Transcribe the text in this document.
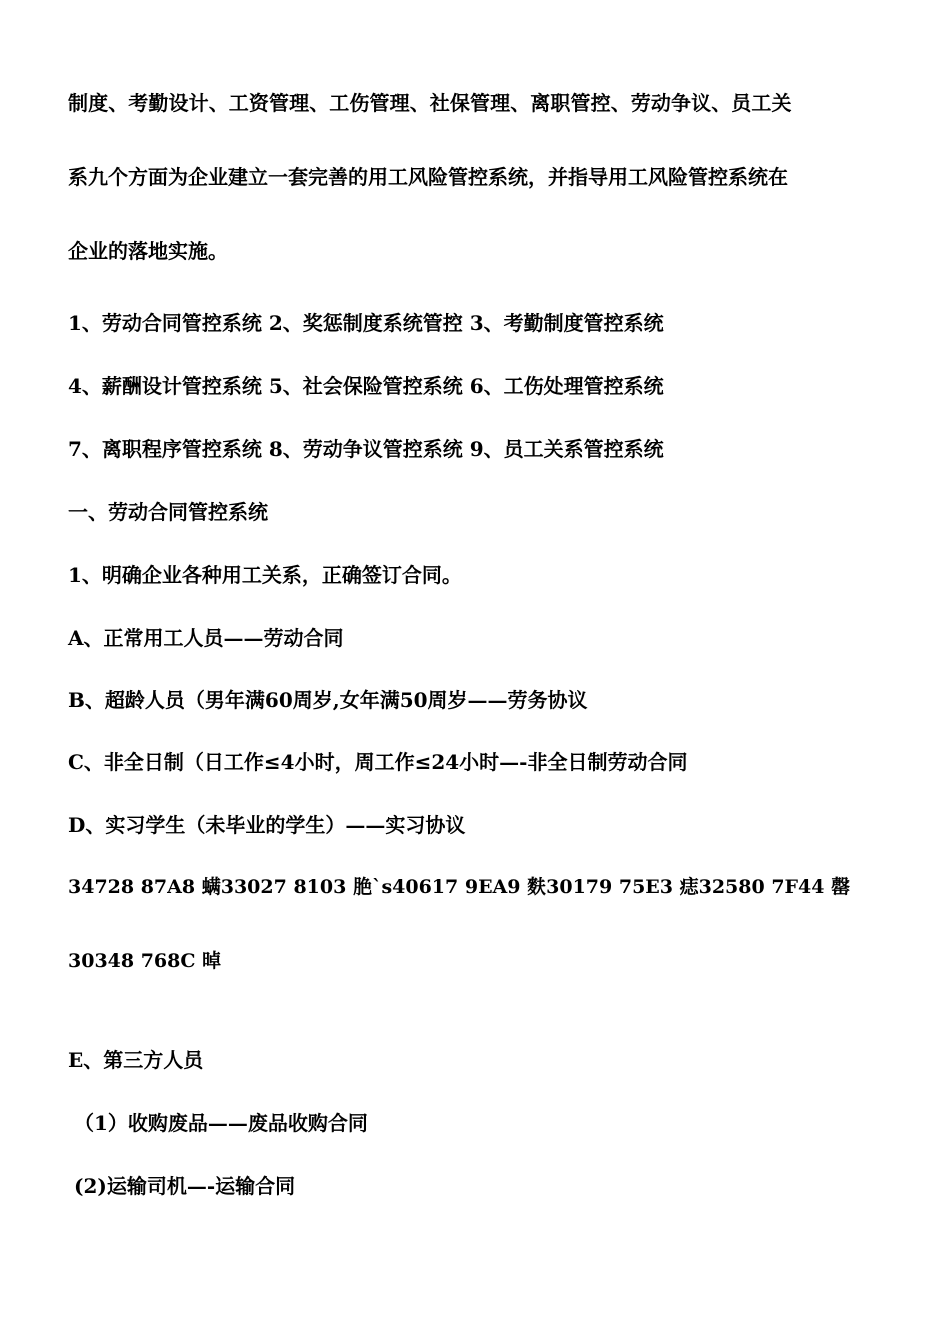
制度、考勤设计、工资管理、工伤管理、社保管理、离职管控、劳动争议、员工关
系九个方面为企业建立一套完善的用工风险管控系统，并指导用工风险管控系统在
企业的落地实施。
1、劳动合同管控系统 2、奖惩制度系统管控 3、考勤制度管控系统
4、薪酬设计管控系统 5、社会保险管控系统 6、工伤处理管控系统
7、离职程序管控系统 8、劳动争议管控系统 9、员工关系管控系统
一、劳动合同管控系统
1、明确企业各种用工关系，正确签订合同。
A、正常用工人员——劳动合同
B、超龄人员（男年满60周岁,女年满50周岁——劳务协议
C、非全日制（日工作≤4小时，周工作≤24小时—-非全日制劳动合同
D、实习学生（未毕业的学生）——实习协议
34728 87A8 螨33027 8103 脃`s40617 9EA9 麩30179 75E3 痣32580 7F44 罄
30348 768C 晫
E、第三方人员
（1）收购废品——废品收购合同
(2)运输司机—-运输合同
